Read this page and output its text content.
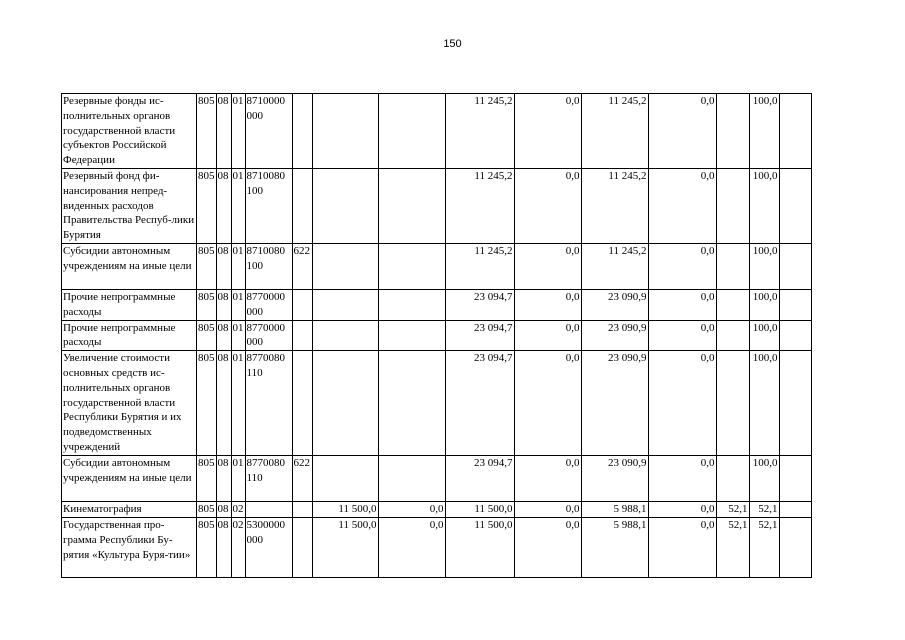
150
Резервные фонды ис-полнительных органов государственной власти субъектов Российской Федерации	805	08	01	8710000 000				11 245,2	0,0	11 245,2	0,0		100,0	
Резервный фонд фи-нансирования непред-виденных расходов Правительства Респуб-лики Бурятия	805	08	01	8710080 100				11 245,2	0,0	11 245,2	0,0		100,0	
Субсидии автономным учреждениям на иные цели	805	08	01	8710080 100	622			11 245,2	0,0	11 245,2	0,0		100,0	
Прочие непрограммные расходы	805	08	01	8770000 000				23 094,7	0,0	23 090,9	0,0		100,0	
Прочие непрограммные расходы	805	08	01	8770000 000				23 094,7	0,0	23 090,9	0,0		100,0	
Увеличение стоимости основных средств ис-полнительных органов государственной власти Республики Бурятия и их подведомственных учреждений	805	08	01	8770080 110				23 094,7	0,0	23 090,9	0,0		100,0	
Субсидии автономным учреждениям на иные цели	805	08	01	8770080 110	622			23 094,7	0,0	23 090,9	0,0		100,0	
Кинематография	805	08	02			11 500,0	0,0	11 500,0	0,0	5 988,1	0,0	52,1	52,1	
Государственная про-грамма Республики Бу-рятия «Культура Буря-тии»	805	08	02	5300000 000		11 500,0	0,0	11 500,0	0,0	5 988,1	0,0	52,1	52,1	
